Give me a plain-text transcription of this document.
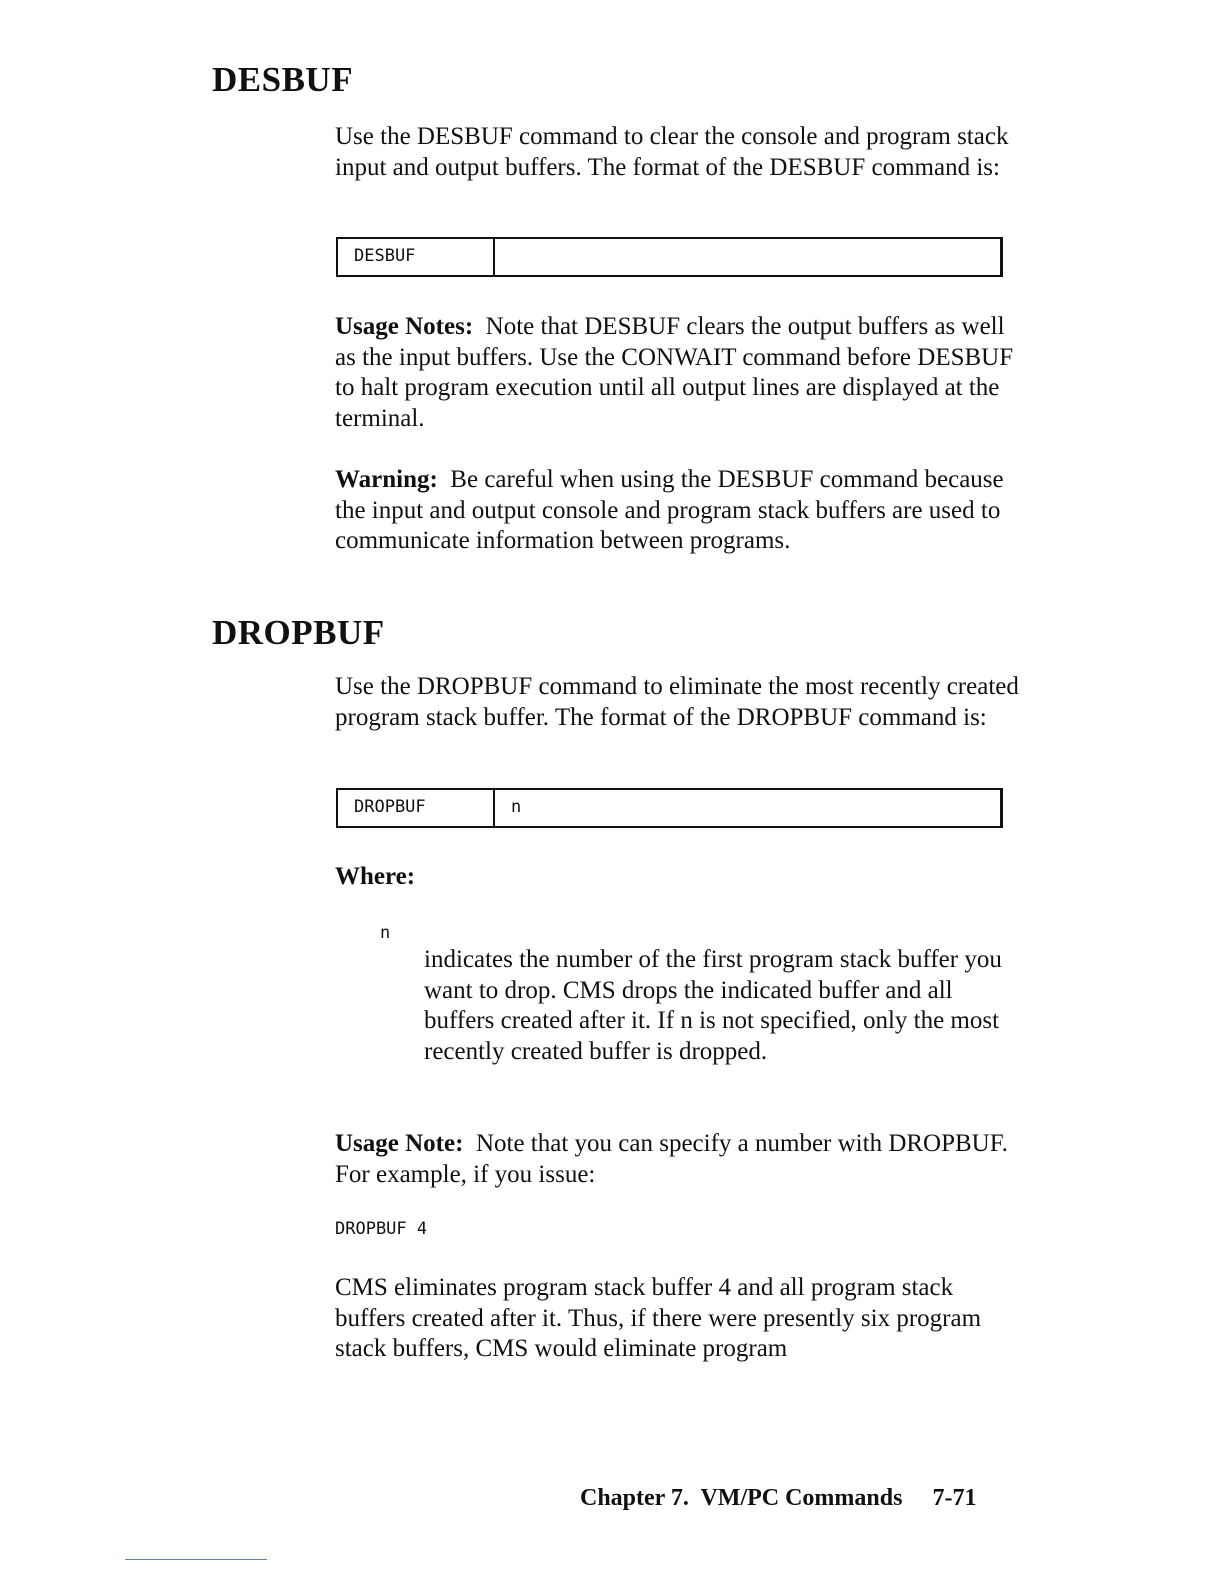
DESBUF

Use the DESBUF command to clear the console and program stack input and output buffers. The format of the DESBUF command is:

DESBUF

Usage Notes: Note that DESBUF clears the output buffers as well as the input buffers. Use the CONWAIT command before DESBUF to halt program execution until all output lines are displayed at the terminal.

Warning: Be careful when using the DESBUF command because the input and output console and program stack buffers are used to communicate information between programs.

DROPBUF

Use the DROPBUF command to eliminate the most recently created program stack buffer. The format of the DROPBUF command is:

DROPBUF	n

Where:

n

indicates the number of the first program stack buffer you want to drop. CMS drops the indicated buffer and all buffers created after it. If n is not specified, only the most recently created buffer is dropped.

Usage Note: Note that you can specify a number with DROPBUF. For example, if you issue:

DROPBUF 4

CMS eliminates program stack buffer 4 and all program stack buffers created after it. Thus, if there were presently six program stack buffers, CMS would eliminate program

Chapter 7.  VM/PC Commands 7-71
